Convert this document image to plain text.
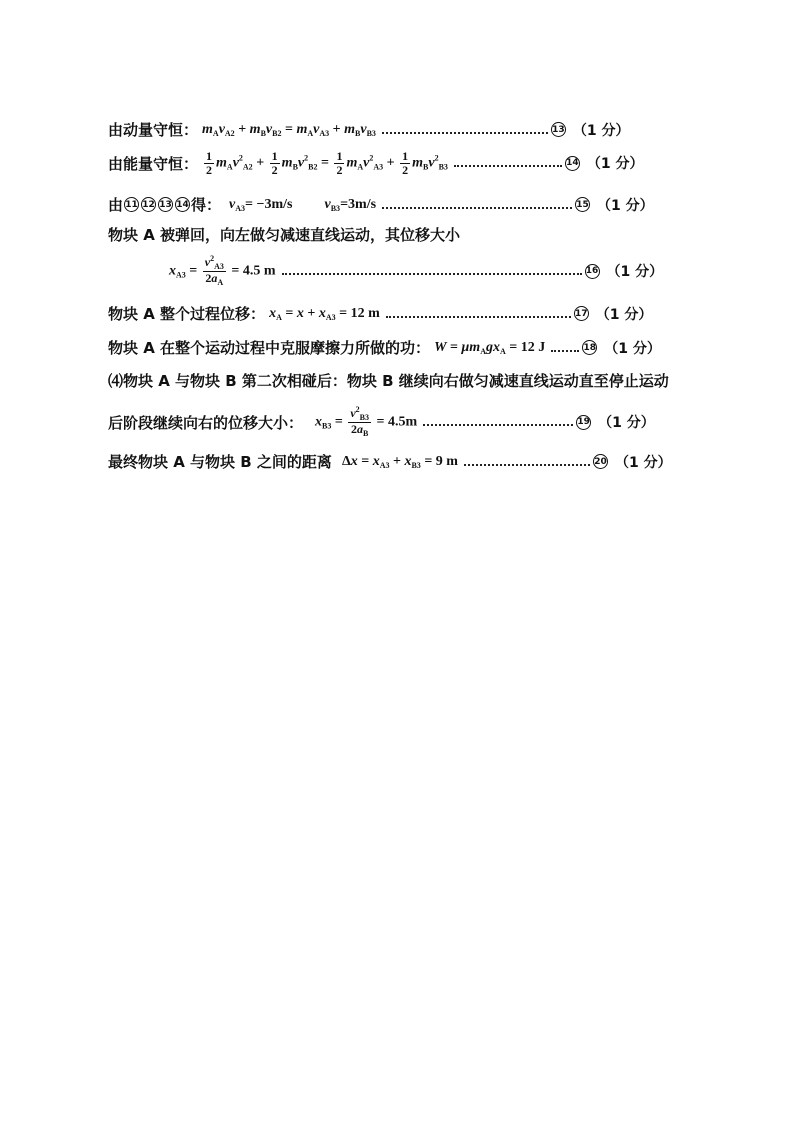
由动量守恒： $m_Av_{A2} + m_Bv_{B2} = m_Av_{A3} + m_Bv_{B3}$	13 （1 分）
由能量守恒： $\frac{1}{2} m_Av^2_{A2} + \frac{1}{2} m_Bv^2_{B2} = \frac{1}{2} m_Av^2_{A3} + \frac{1}{2} m_Bv^2_{B3}$	14 （1 分）
由 11 12 13 14 得： $v_{A3}= -3m/s$ $v_{B3}=3m/s$	15 （1 分）
物块 A 被弹回，向左做匀减速直线运动，其位移大小
$x_{A3} = \frac{v^2_{A3}}{2a_A} = 4.5$ m	16 （1 分）
物块 A 整个过程位移： $x_A = x + x_{A3} = 12$ m	17 （1 分）
物块 A 在整个运动过程中克服摩擦力所做的功： $W = \mu m_Agx_A = 12$ J	18 （1 分）
⑷物块 A 与物块 B 第二次相碰后：物块 B 继续向右做匀减速直线运动直至停止运动
后阶段继续向右的位移大小： $x_{B3} = \frac{v^2_{B3}}{2a_B} = 4.5m$	19 （1 分）
最终物块 A 与物块 B 之间的距离 $\Delta x = x_{A3} + x_{B3} = 9$ m	20 （1 分）
